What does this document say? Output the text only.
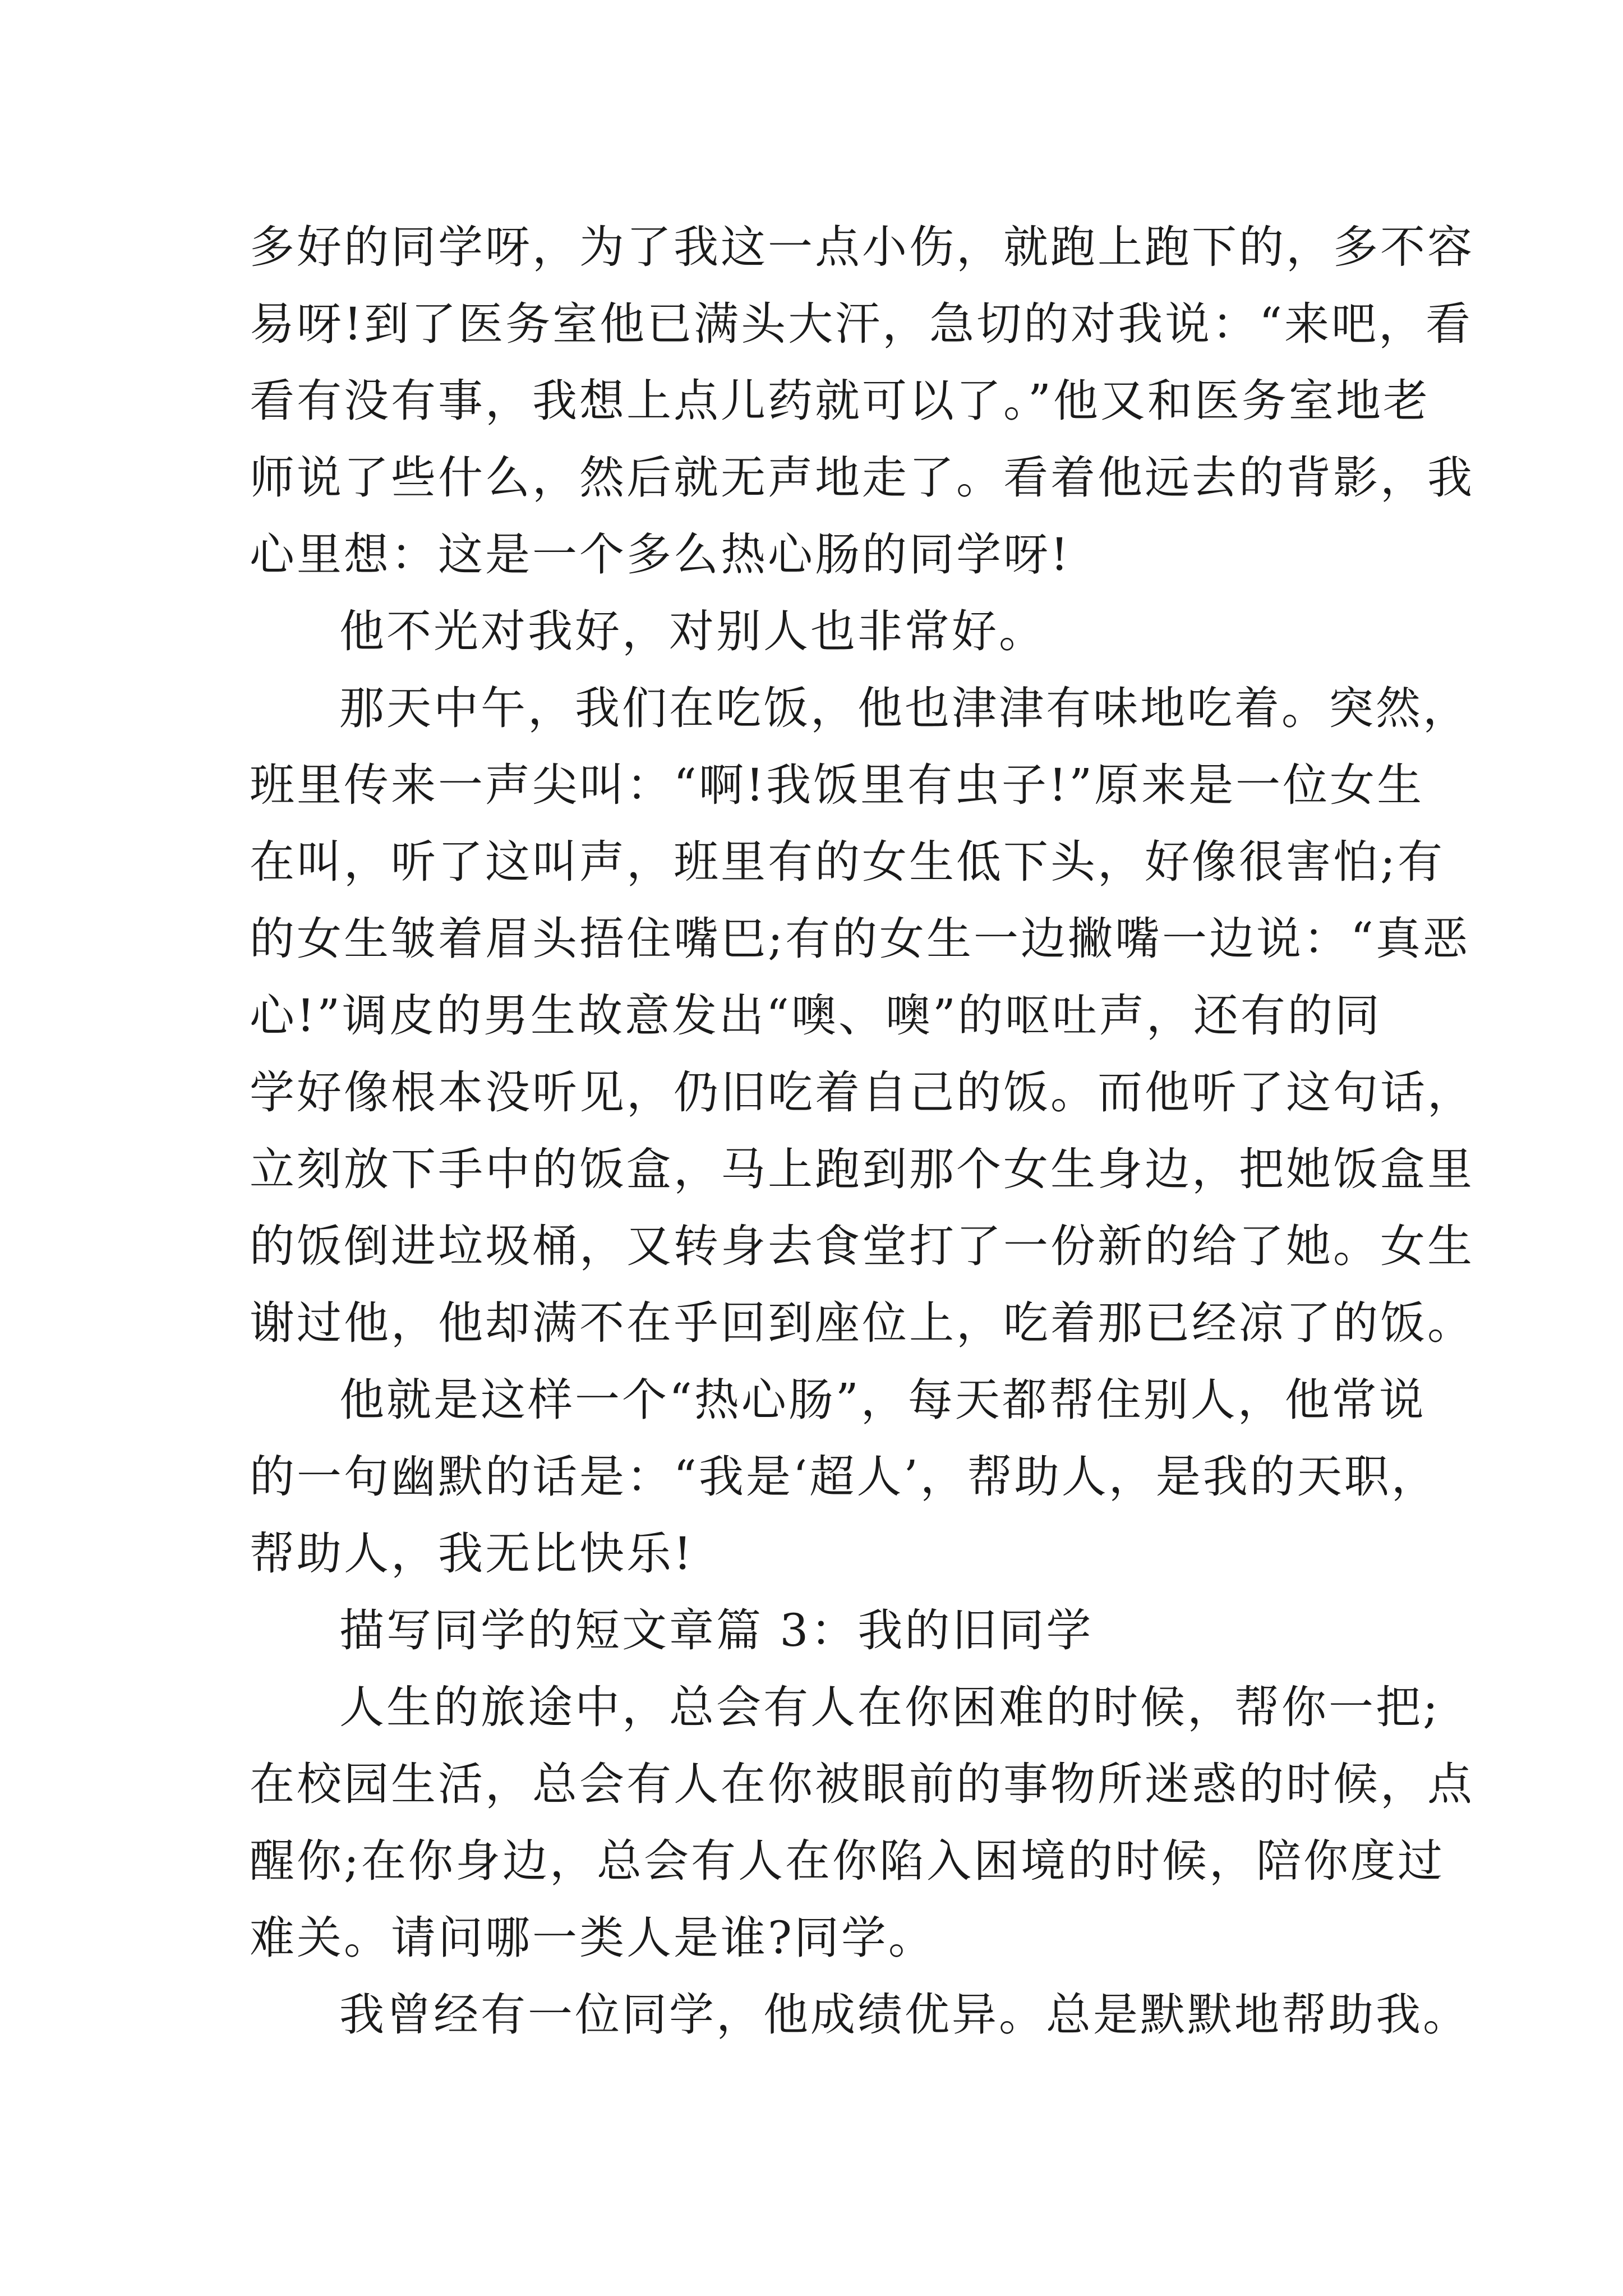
多好的同学呀，为了我这一点小伤，就跑上跑下的，多不容
易呀!到了医务室他已满头大汗，急切的对我说：“来吧，看
看有没有事，我想上点儿药就可以了。”他又和医务室地老
师说了些什么，然后就无声地走了。看着他远去的背影，我
心里想：这是一个多么热心肠的同学呀!
他不光对我好，对别人也非常好。
那天中午，我们在吃饭，他也津津有味地吃着。突然，
班里传来一声尖叫：“啊!我饭里有虫子!”原来是一位女生
在叫，听了这叫声，班里有的女生低下头，好像很害怕;有
的女生皱着眉头捂住嘴巴;有的女生一边撇嘴一边说：“真恶
心!”调皮的男生故意发出“噢、噢”的呕吐声，还有的同
学好像根本没听见，仍旧吃着自己的饭。而他听了这句话，
立刻放下手中的饭盒，马上跑到那个女生身边，把她饭盒里
的饭倒进垃圾桶，又转身去食堂打了一份新的给了她。女生
谢过他，他却满不在乎回到座位上，吃着那已经凉了的饭。
他就是这样一个“热心肠”，每天都帮住别人，他常说
的一句幽默的话是：“我是‘超人’，帮助人，是我的天职，
帮助人，我无比快乐!
描写同学的短文章篇 3：我的旧同学
人生的旅途中，总会有人在你困难的时候，帮你一把;
在校园生活，总会有人在你被眼前的事物所迷惑的时候，点
醒你;在你身边，总会有人在你陷入困境的时候，陪你度过
难关。请问哪一类人是谁?同学。
我曾经有一位同学，他成绩优异。总是默默地帮助我。
